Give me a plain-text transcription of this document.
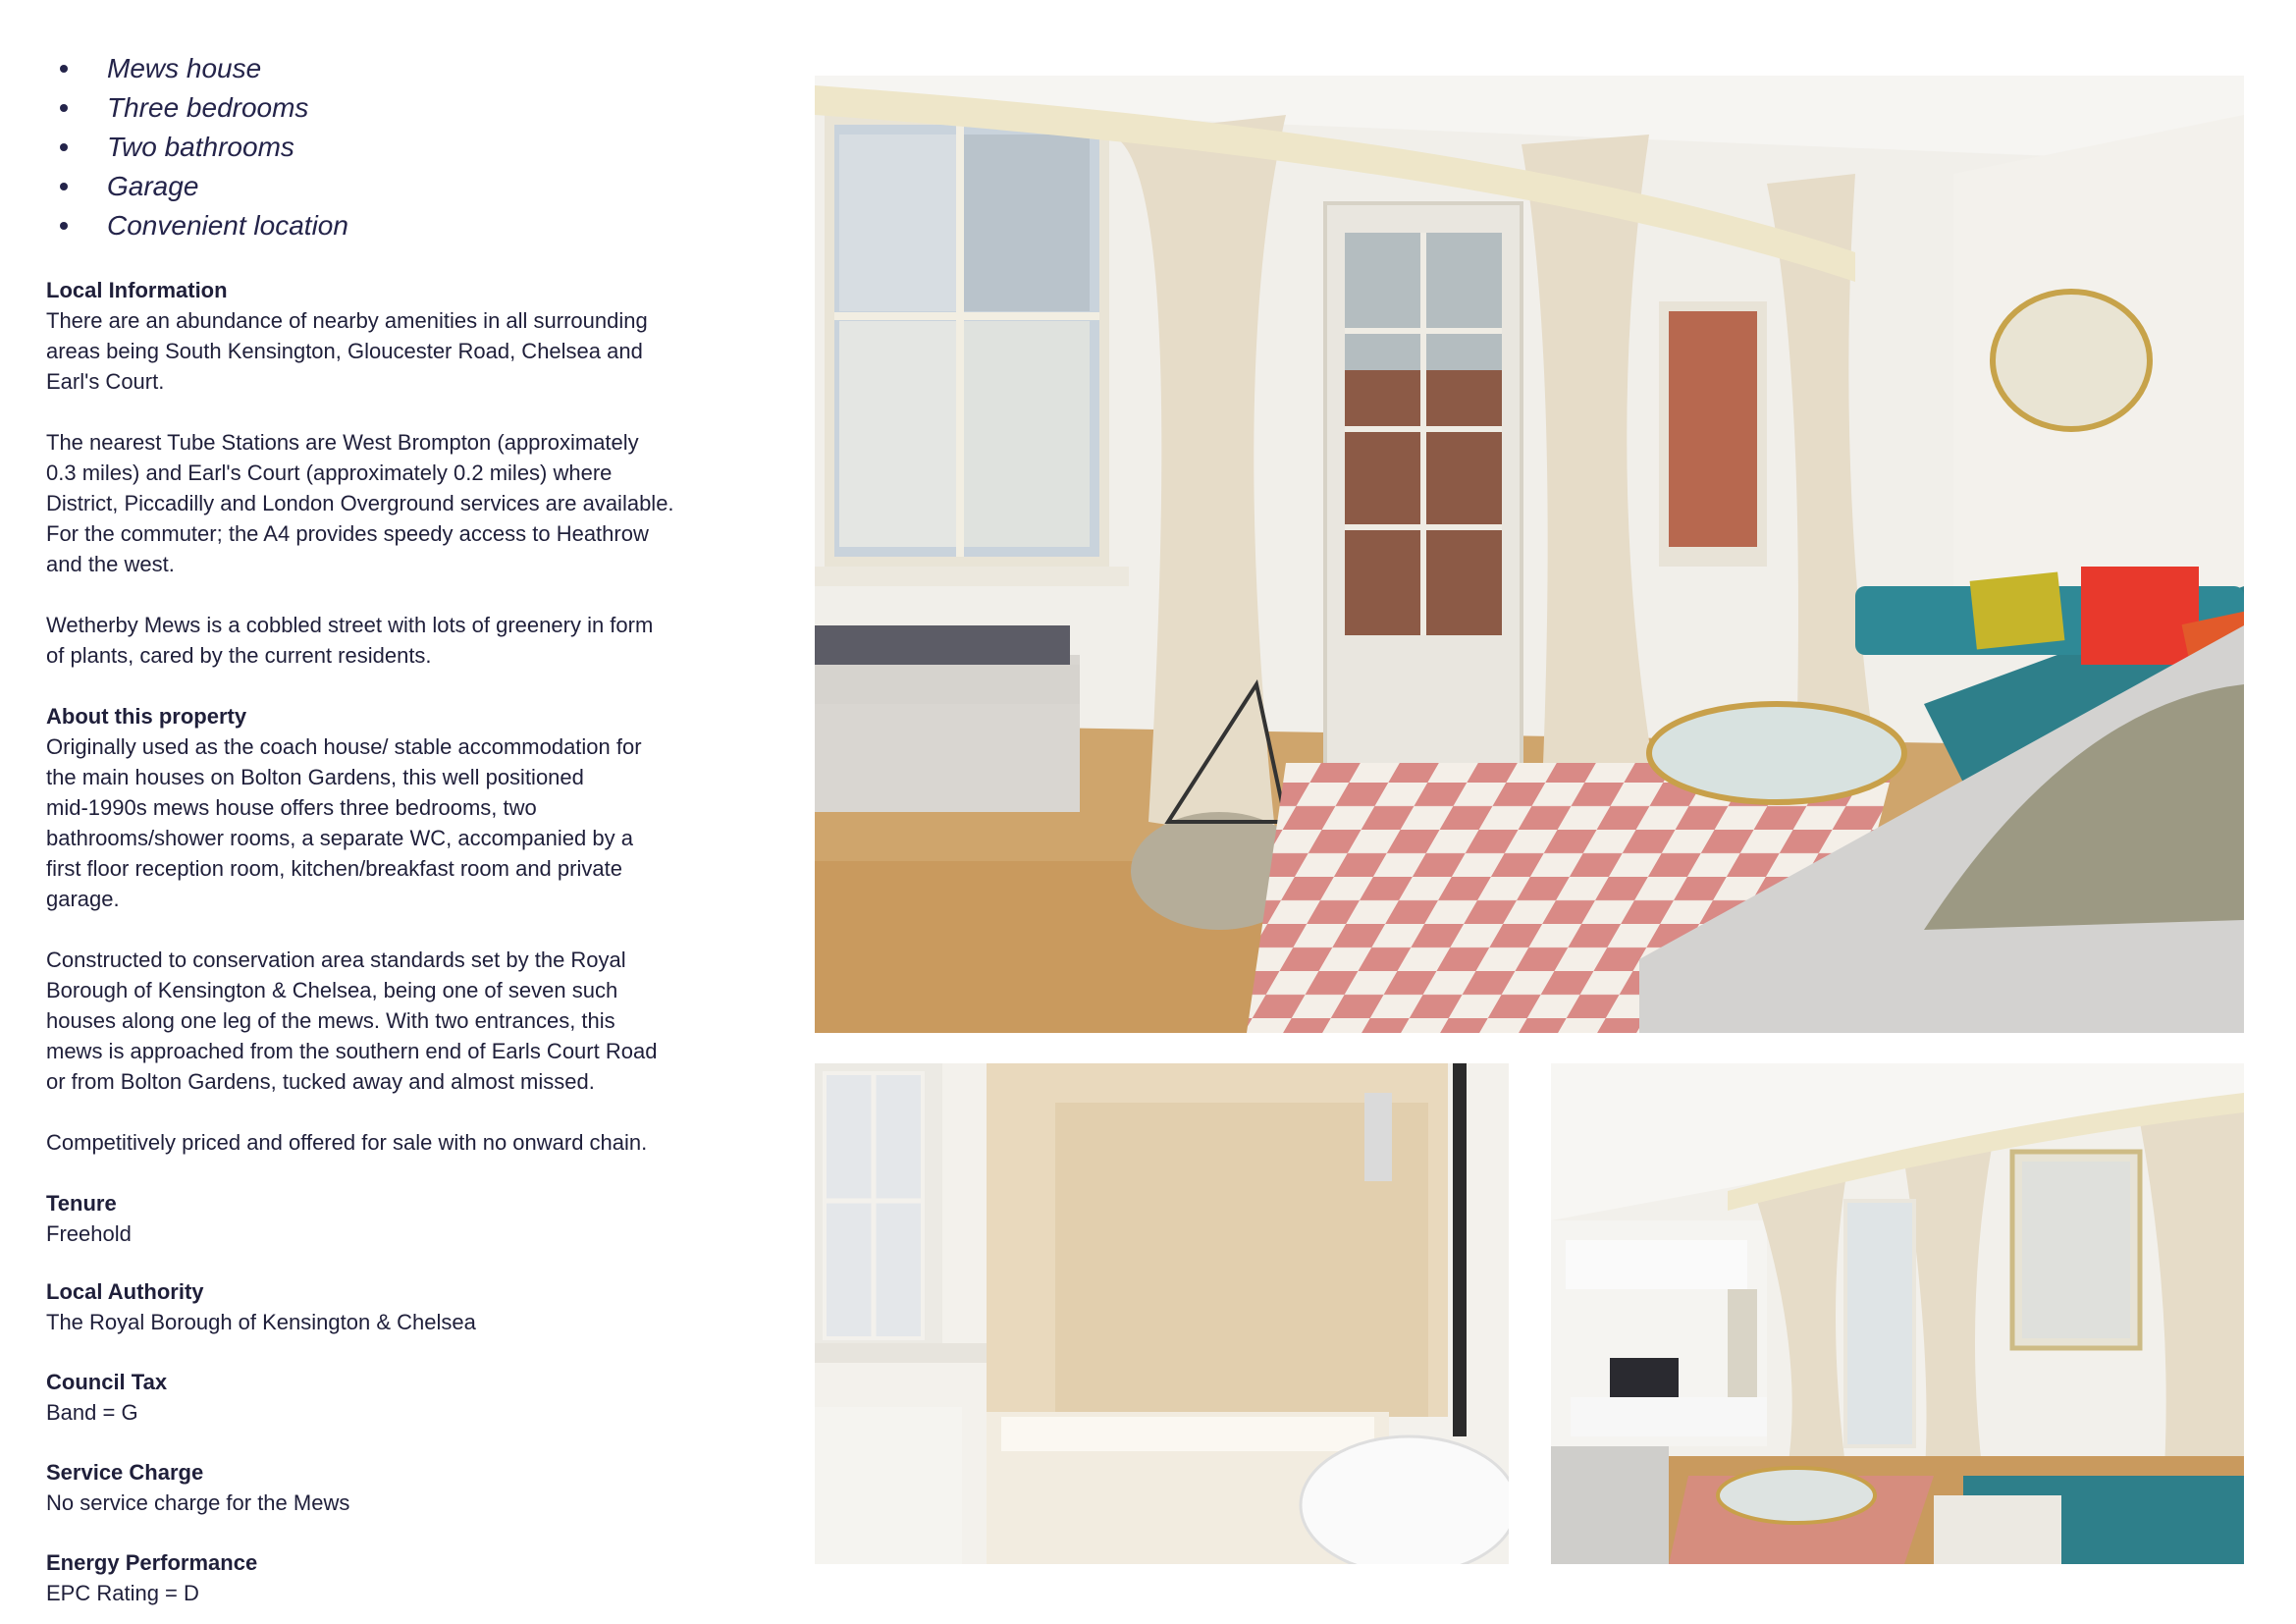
Mews house
Three bedrooms
Two bathrooms
Garage
Convenient location

Local Information

There are an abundance of nearby amenities in all surrounding
areas being South Kensington, Gloucester Road, Chelsea and
Earl's Court.

The nearest Tube Stations are West Brompton (approximately
0.3 miles) and Earl's Court (approximately 0.2 miles) where
District, Piccadilly and London Overground services are available.
For the commuter; the A4 provides speedy access to Heathrow
and the west.

Wetherby Mews is a cobbled street with lots of greenery in form
of plants, cared by the current residents.

About this property

Originally used as the coach house/ stable accommodation for
the main houses on Bolton Gardens, this well positioned
mid-1990s mews house offers three bedrooms, two
bathrooms/shower rooms, a separate WC, accompanied by a
first floor reception room, kitchen/breakfast room and private
garage.

Constructed to conservation area standards set by the Royal
Borough of Kensington & Chelsea, being one of seven such
houses along one leg of the mews. With two entrances, this
mews is approached from the southern end of Earls Court Road
or from Bolton Gardens, tucked away and almost missed.

Competitively priced and offered for sale with no onward chain.

Tenure

Freehold

Local Authority

The Royal Borough of Kensington & Chelsea

Council Tax

Band = G

Service Charge

No service charge for the Mews

Energy Performance

EPC Rating = D
